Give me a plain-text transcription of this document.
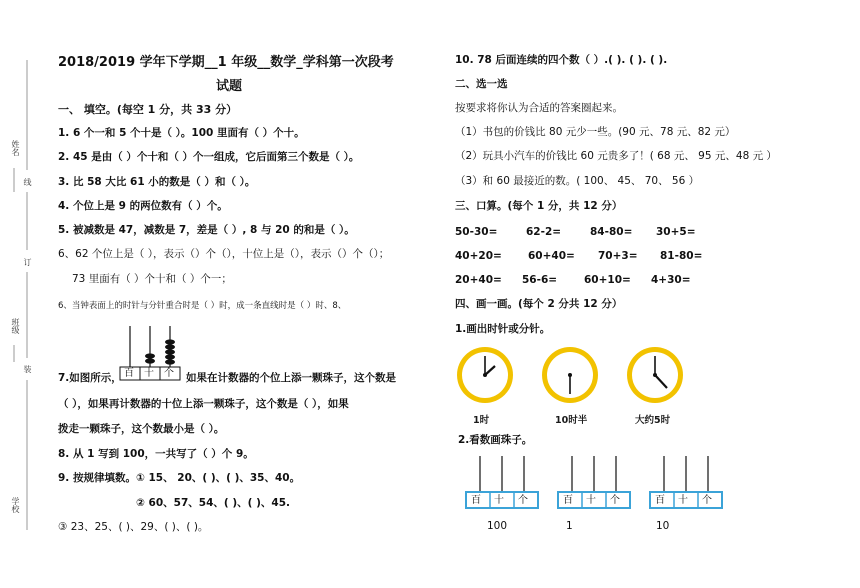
姓名
线
订
班级
装
学校
2018/2019 学年下学期__1 年级__数学_学科第一次段考
试题
一、 填空。(每空 1 分，共 33 分）
1. 6 个一和 5 个十是（ ）。100 里面有（ ）个十。
2. 45 是由（ ）个十和（ ）个一组成，它后面第三个数是（ ）。
3. 比 58 大比 61 小的数是（ ）和（ ）。
4. 个位上是 9 的两位数有（ ）个。
5. 被减数是 47，减数是 7，差是（ ）, 8 与 20 的和是（ ）。
6、62 个位上是（ ），表示（）个（），十位上是（），表示（）个（）；
73 里面有（ ）个十和（ ）个一；
6、当钟表面上的时针与分针重合时是（ ）时，成一条直线时是（ ）时、8、
百 十 个
7.如图所示，	如果在计数器的个位上添一颗珠子，这个数是
（ ），如果再计数器的十位上添一颗珠子，这个数是（ ），如果
拨走一颗珠子，这个数最小是（ ）。
8. 从 1 写到 100，一共写了（ ）个 9。
9. 按规律填数。① 15、 20、( )、( )、35、40。
② 60、57、54、( )、( )、45.
③ 23、25、( )、29、( )、( )。
10. 78 后面连续的四个数（ ）.( ). ( ). ( ).
二、选一选
按要求将你认为合适的答案圈起来。
（1）书包的价钱比 80 元少一些。(90 元、78 元、82 元）
（2）玩具小汽车的价钱比 60 元贵多了！( 68 元、 95 元、48 元 ）
（3）和 60 最接近的数。( 100、 45、 70、 56 ）
三、口算。(每个 1 分，共 12 分）
50-30=	62-2=	84-80= 30+5=
40+20= 60+40= 70+3= 81-80=
20+40= 56-6=	60+10= 4+30=
四、画一画。(每个 2 分共 12 分）
1.画出时针或分针。
1时	10时半	大约5时
2.看数画珠子。
百 十 个	百 十 个	百 十 个
100	1	10
